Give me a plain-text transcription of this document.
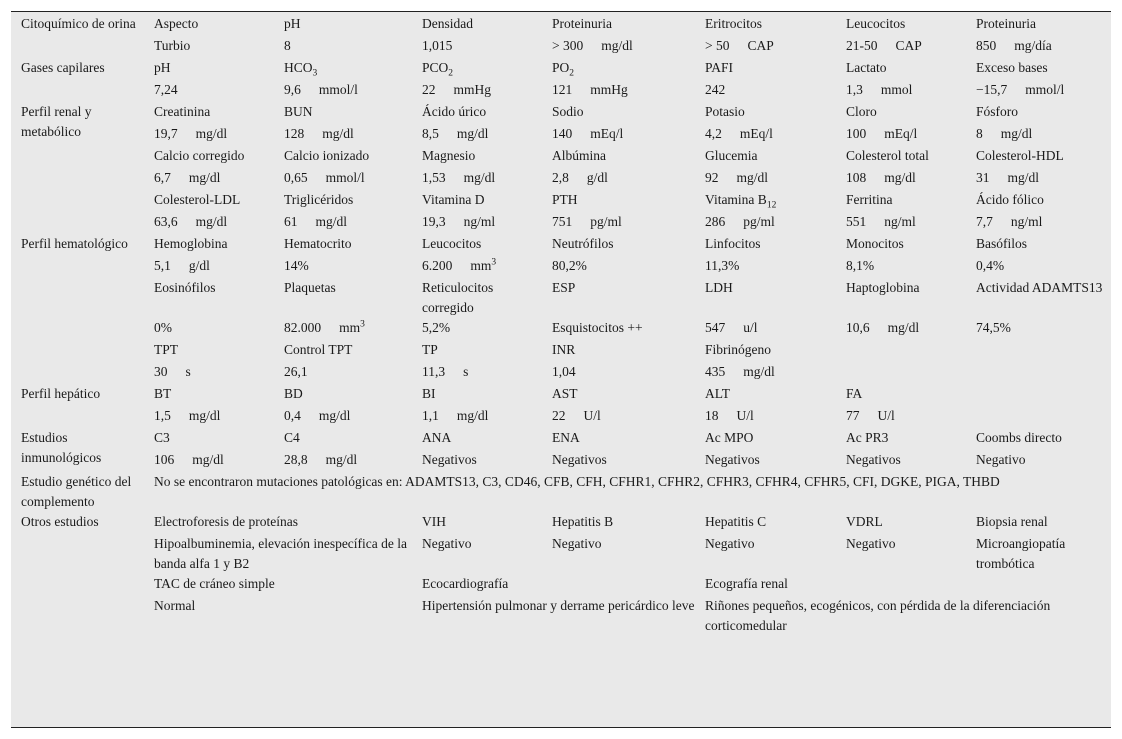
Citoquímico de orina	Aspecto	pH	Densidad	Proteinuria	Eritrocitos	Leucocitos	Proteinuria
	Turbio	8	1,015	> 300 mg/dl	> 50 CAP	21-50 CAP	850 mg/día
Gases capilares	pH	$HCO_3$	$PCO_2$	$PO_2$	PAFI	Lactato	Exceso bases
	7,24	9,6 mmol/l	22 mmHg	121 mmHg	242	1,3 mmol	−15,7 mmol/l
Perfil renal y metabólico	Creatinina	BUN	Ácido úrico	Sodio	Potasio	Cloro	Fósforo
	19,7 mg/dl	128 mg/dl	8,5 mg/dl	140 mEq/l	4,2 mEq/l	100 mEq/l	8 mg/dl
	Calcio corregido	Calcio ionizado	Magnesio	Albúmina	Glucemia	Colesterol total	Colesterol-HDL
	6,7 mg/dl	0,65 mmol/l	1,53 mg/dl	2,8 g/dl	92 mg/dl	108 mg/dl	31 mg/dl
	Colesterol-LDL	Triglicéridos	Vitamina D	PTH	Vitamina $B_{12}$	Ferritina	Ácido fólico
	63,6 mg/dl	61 mg/dl	19,3 ng/ml	751 pg/ml	286 pg/ml	551 ng/ml	7,7 ng/ml
Perfil hematológico	Hemoglobina	Hematocrito	Leucocitos	Neutrófilos	Linfocitos	Monocitos	Basófilos
	5,1 g/dl	14%	6.200 $mm^3$	80,2%	11,3%	8,1%	0,4%
	Eosinófilos	Plaquetas	Reticulocitos corregido	ESP	LDH	Haptoglobina	Actividad ADAMTS13
	0%	82.000 $mm^3$	5,2%	Esquistocitos ++	547 u/l	10,6 mg/dl	74,5%
	TPT	Control TPT	TP	INR	Fibrinógeno		
	30 s	26,1	11,3 s	1,04	435 mg/dl		
Perfil hepático	BT	BD	BI	AST	ALT	FA	
	1,5 mg/dl	0,4 mg/dl	1,1 mg/dl	22 U/l	18 U/l	77 U/l	
Estudios inmunológicos	C3	C4	ANA	ENA	Ac MPO	Ac PR3	Coombs directo
	106 mg/dl	28,8 mg/dl	Negativos	Negativos	Negativos	Negativos	Negativo
Estudio genético del complemento	No se encontraron mutaciones patológicas en: ADAMTS13, C3, CD46, CFB, CFH, CFHR1, CFHR2, CFHR3, CFHR4, CFHR5, CFI, DGKE, PIGA, THBD						
Otros estudios	Electroforesis de proteínas		VIH	Hepatitis B	Hepatitis C	VDRL	Biopsia renal
	Hipoalbuminemia, elevación inespecífica de la banda alfa 1 y B2		Negativo	Negativo	Negativo	Negativo	Microangiopatía trombótica
	TAC de cráneo simple		Ecocardiografía		Ecografía renal		
	Normal		Hipertensión pulmonar y derrame pericárdico leve		Riñones pequeños, ecogénicos, con pérdida de la diferenciación corticomedular		
